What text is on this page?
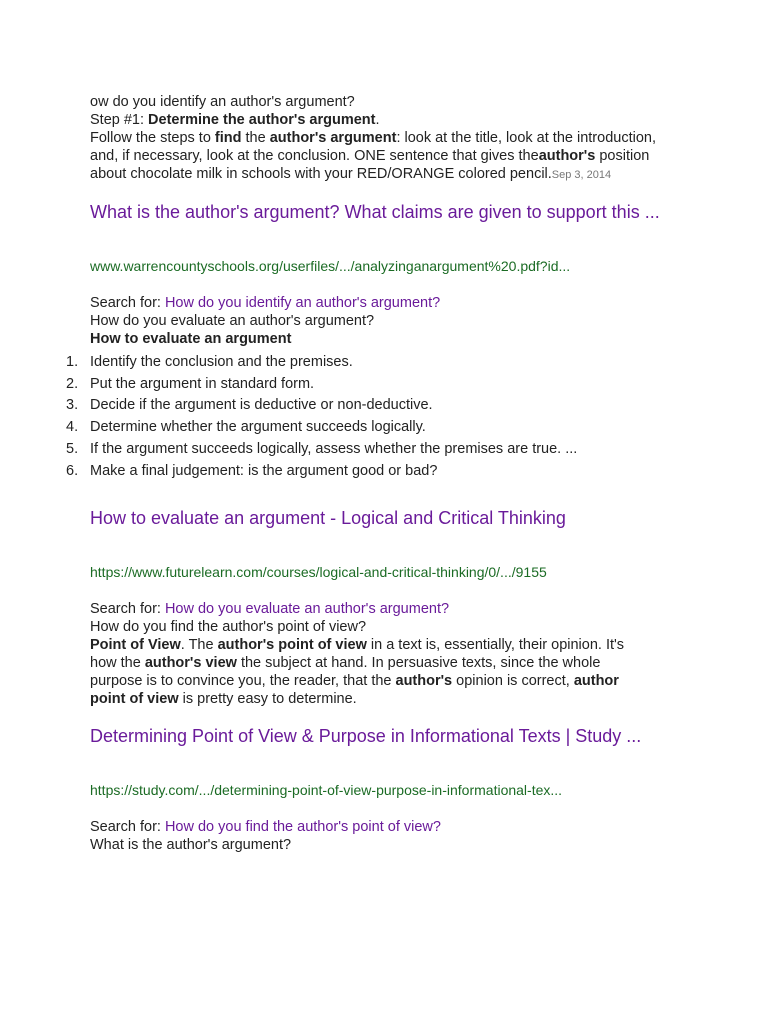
ow do you identify an author's argument?
Step #1: Determine the author's argument.
Follow the steps to find the author's argument: look at the title, look at the introduction, and, if necessary, look at the conclusion. ONE sentence that gives theauthor's position about chocolate milk in schools with your RED/ORANGE colored pencil.Sep 3, 2014
What is the author's argument? What claims are given to support this ...
www.warrencountyschools.org/userfiles/.../analyzinganargument%20.pdf?id...
Search for: How do you identify an author's argument?
How do you evaluate an author's argument?
How to evaluate an argument
1. Identify the conclusion and the premises.
2. Put the argument in standard form.
3. Decide if the argument is deductive or non-deductive.
4. Determine whether the argument succeeds logically.
5. If the argument succeeds logically, assess whether the premises are true. ...
6. Make a final judgement: is the argument good or bad?
How to evaluate an argument - Logical and Critical Thinking
https://www.futurelearn.com/courses/logical-and-critical-thinking/0/.../9155
Search for: How do you evaluate an author's argument?
How do you find the author's point of view?
Point of View. The author's point of view in a text is, essentially, their opinion. It's how the author's view the subject at hand. In persuasive texts, since the whole purpose is to convince you, the reader, that the author's opinion is correct, author point of view is pretty easy to determine.
Determining Point of View & Purpose in Informational Texts | Study ...
https://study.com/.../determining-point-of-view-purpose-in-informational-tex...
Search for: How do you find the author's point of view?
What is the author's argument?
